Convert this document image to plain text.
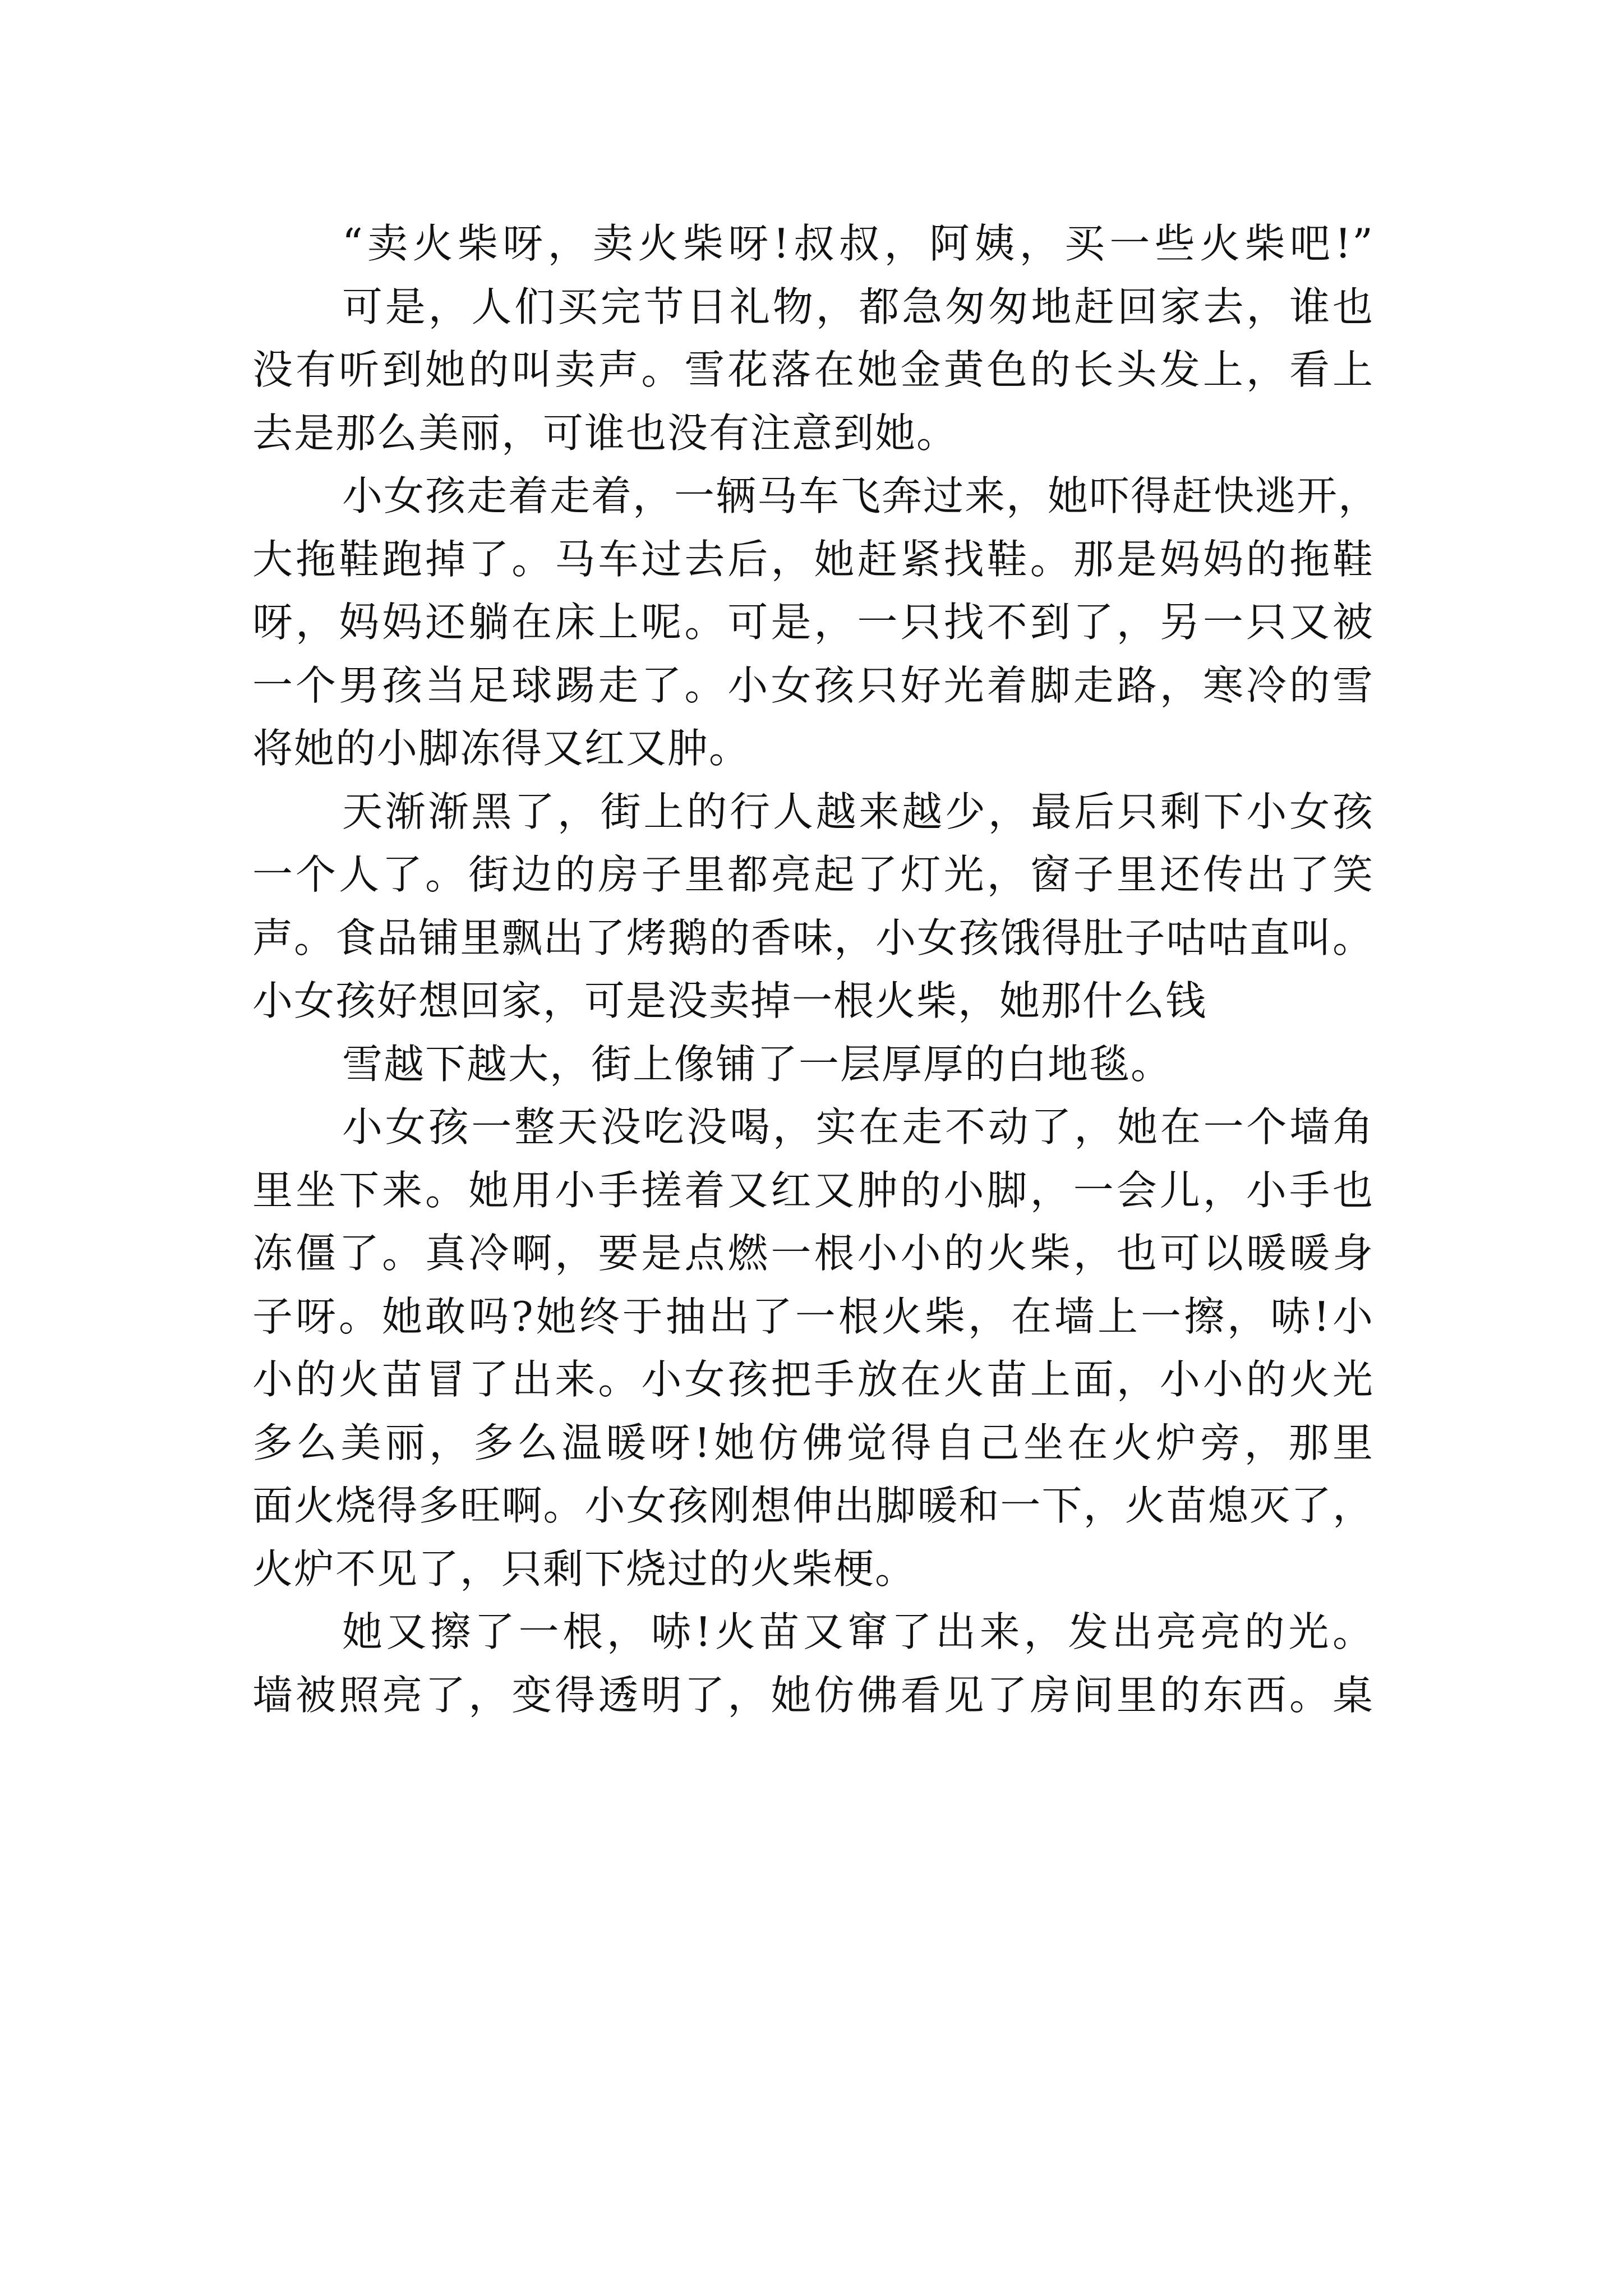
“卖火柴呀，卖火柴呀!叔叔，阿姨，买一些火柴吧!”
可是，人们买完节日礼物，都急匆匆地赶回家去，谁也
没有听到她的叫卖声。雪花落在她金黄色的长头发上，看上
去是那么美丽，可谁也没有注意到她。
小女孩走着走着，一辆马车飞奔过来，她吓得赶快逃开，
大拖鞋跑掉了。马车过去后，她赶紧找鞋。那是妈妈的拖鞋
呀，妈妈还躺在床上呢。可是，一只找不到了，另一只又被
一个男孩当足球踢走了。小女孩只好光着脚走路，寒冷的雪
将她的小脚冻得又红又肿。
天渐渐黑了，街上的行人越来越少，最后只剩下小女孩
一个人了。街边的房子里都亮起了灯光，窗子里还传出了笑
声。食品铺里飘出了烤鹅的香味，小女孩饿得肚子咕咕直叫。
小女孩好想回家，可是没卖掉一根火柴，她那什么钱
雪越下越大，街上像铺了一层厚厚的白地毯。
小女孩一整天没吃没喝，实在走不动了，她在一个墙角
里坐下来。她用小手搓着又红又肿的小脚，一会儿，小手也
冻僵了。真冷啊，要是点燃一根小小的火柴，也可以暖暖身
子呀。她敢吗?她终于抽出了一根火柴，在墙上一擦，哧!小
小的火苗冒了出来。小女孩把手放在火苗上面，小小的火光
多么美丽，多么温暖呀!她仿佛觉得自己坐在火炉旁，那里
面火烧得多旺啊。小女孩刚想伸出脚暖和一下，火苗熄灭了，
火炉不见了，只剩下烧过的火柴梗。
她又擦了一根，哧!火苗又窜了出来，发出亮亮的光。
墙被照亮了，变得透明了，她仿佛看见了房间里的东西。桌
